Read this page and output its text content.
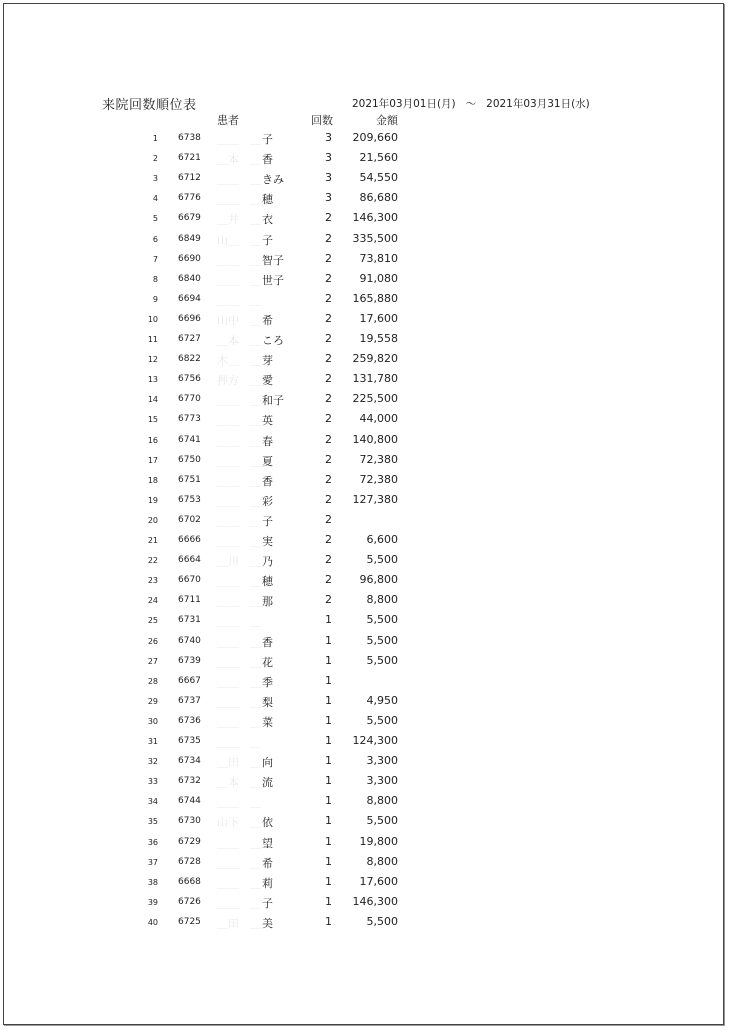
来院回数順位表	2021年03月01日(月) ～ 2021年03月31日(水)
患者	回数	金額
1 6738 ＿＿	＿ 子	3	209,660
2 6721 ＿本	＿ 香	3	21,560
3 6712 ＿＿	＿ きみ	3	54,550
4 6776 ＿＿	＿ 穂	3	86,680
5 6679 ＿井	＿ 衣	2	146,300
6 6849 山＿	＿ 子	2	335,500
7 6690 ＿＿	＿ 智子	2	73,810
8 6840 ＿＿	＿ 世子	2	91,080
9 6694 ＿＿	＿	2	165,880
10 6696 山中	＿ 希	2	17,600
11 6727 ＿本	＿ ころ	2	19,558
12 6822 木＿	＿ 芽	2	259,820
13 6756 押方	＿ 愛	2	131,780
14 6770 ＿＿	＿ 和子	2	225,500
15 6773 ＿＿	＿ 英	2	44,000
16 6741 ＿＿	＿ 春	2	140,800
17 6750 ＿＿	＿ 夏	2	72,380
18 6751 ＿＿	＿ 香	2	72,380
19 6753 ＿＿	＿ 彩	2	127,380
20 6702 ＿＿	＿ 子	2
21 6666 ＿＿	＿ 実	2	6,600
22 6664 ＿川	＿ 乃	2	5,500
23 6670 ＿＿	＿ 穂	2	96,800
24 6711 ＿＿	＿ 那	2	8,800
25 6731 ＿＿	＿	1	5,500
26 6740 ＿＿	＿ 香	1	5,500
27 6739 ＿＿	＿ 花	1	5,500
28 6667 ＿＿	＿ 季	1
29 6737 ＿＿	＿ 梨	1	4,950
30 6736 ＿＿	＿ 菜	1	5,500
31 6735 ＿＿	＿	1	124,300
32 6734 ＿田	＿ 向	1	3,300
33 6732 ＿本	＿ 流	1	3,300
34 6744 ＿＿	＿	1	8,800
35 6730 山下	＿ 依	1	5,500
36 6729 ＿＿	＿ 望	1	19,800
37 6728 ＿＿	＿ 希	1	8,800
38 6668 ＿＿	＿ 莉	1	17,600
39 6726 ＿＿	＿ 子	1	146,300
40 6725 ＿田	＿ 美	1	5,500
